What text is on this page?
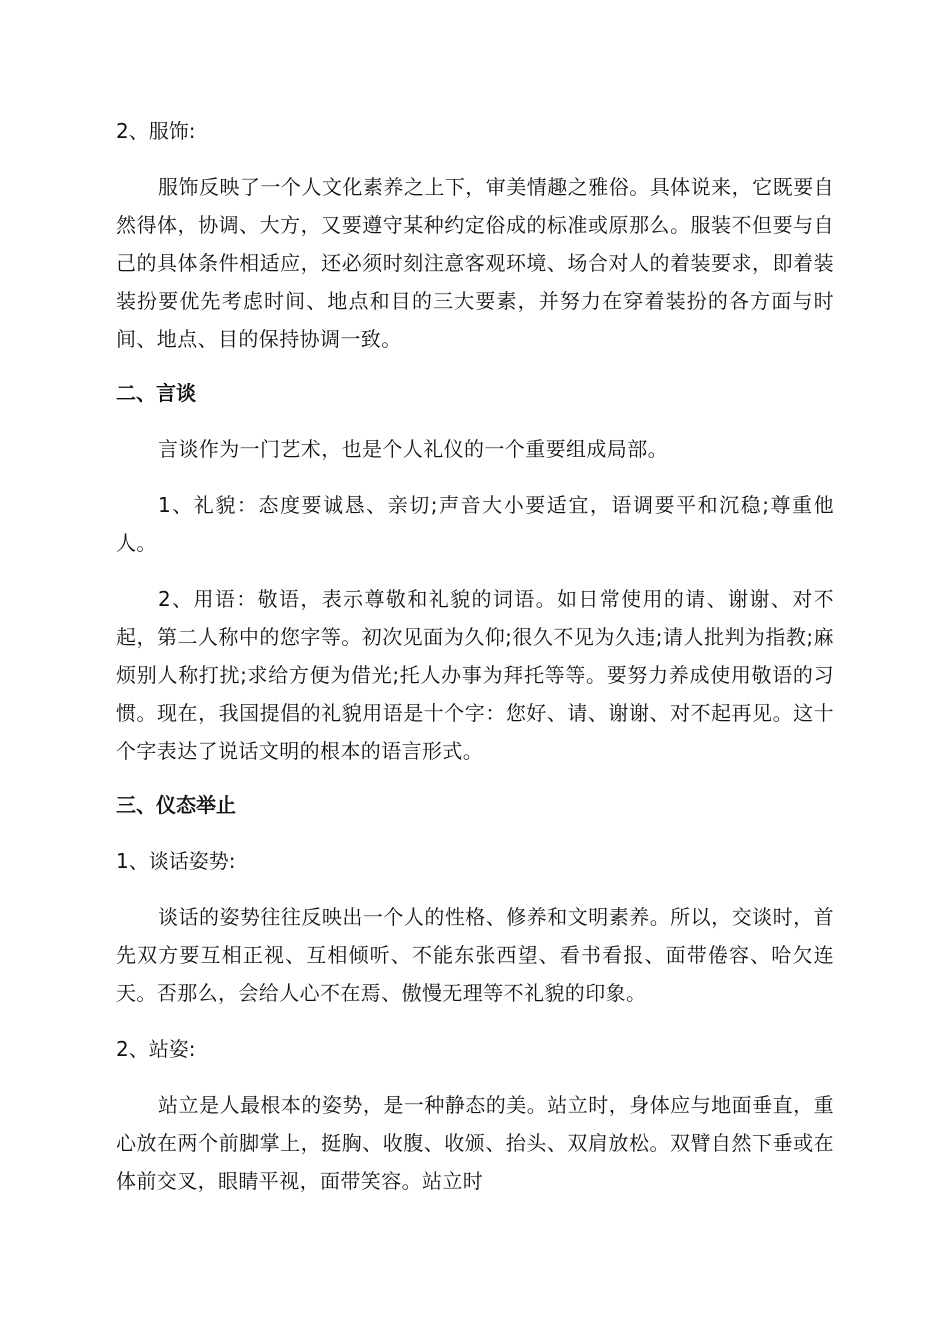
2、服饰:

服饰反映了一个人文化素养之上下，审美情趣之雅俗。具体说来，它既要自然得体，协调、大方，又要遵守某种约定俗成的标准或原那么。服装不但要与自己的具体条件相适应，还必须时刻注意客观环境、场合对人的着装要求，即着装装扮要优先考虑时间、地点和目的三大要素，并努力在穿着装扮的各方面与时间、地点、目的保持协调一致。

二、言谈

言谈作为一门艺术，也是个人礼仪的一个重要组成局部。

1、礼貌：态度要诚恳、亲切;声音大小要适宜，语调要平和沉稳;尊重他人。

2、用语：敬语，表示尊敬和礼貌的词语。如日常使用的请、谢谢、对不起，第二人称中的您字等。初次见面为久仰;很久不见为久违;请人批判为指教;麻烦别人称打扰;求给方便为借光;托人办事为拜托等等。要努力养成使用敬语的习惯。现在，我国提倡的礼貌用语是十个字：您好、请、谢谢、对不起再见。这十个字表达了说话文明的根本的语言形式。

三、仪态举止

1、谈话姿势:

谈话的姿势往往反映出一个人的性格、修养和文明素养。所以，交谈时，首先双方要互相正视、互相倾听、不能东张西望、看书看报、面带倦容、哈欠连天。否那么，会给人心不在焉、傲慢无理等不礼貌的印象。

2、站姿:

站立是人最根本的姿势，是一种静态的美。站立时，身体应与地面垂直，重心放在两个前脚掌上，挺胸、收腹、收颁、抬头、双肩放松。双臂自然下垂或在体前交叉，眼睛平视，面带笑容。站立时
